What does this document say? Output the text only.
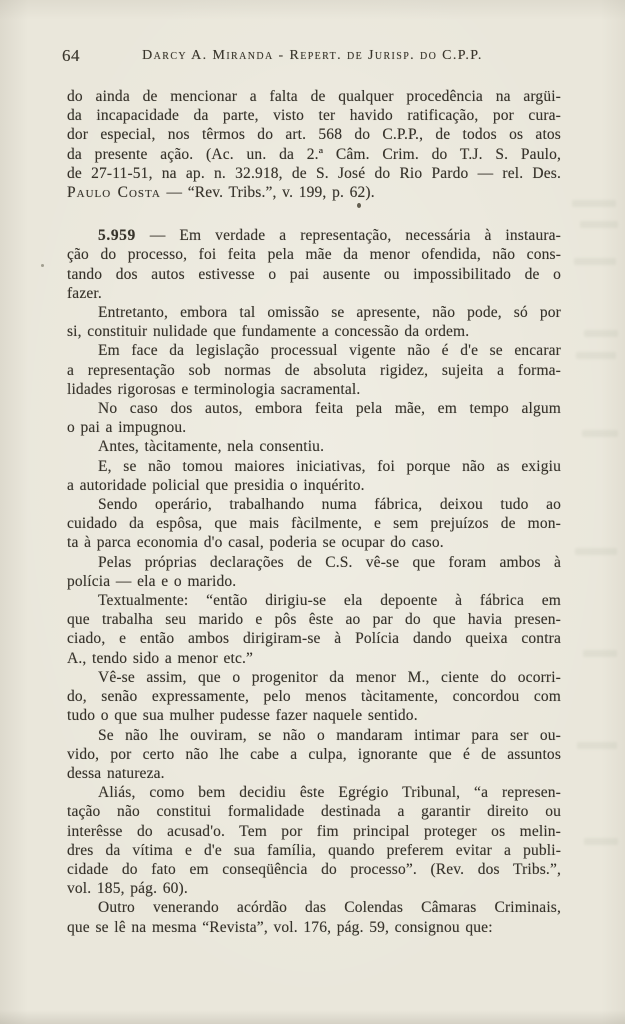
64	Darcy A. Miranda - Repert. de Jurisp. do C.P.P.
do ainda de mencionar a falta de qualquer procedência na argüi-
da incapacidade da parte, visto ter havido ratificação, por cura-
dor especial, nos têrmos do art. 568 do C.P.P., de todos os atos
da presente ação. (Ac. un. da 2.ª Câm. Crim. do T.J. S. Paulo,
de 27-11-51, na ap. n. 32.918, de S. José do Rio Pardo — rel. Des.
Paulo Costa — “Rev. Tribs.”, v. 199, p. 62).
5.959 — Em verdade a representação, necessária à instaura-
ção do processo, foi feita pela mãe da menor ofendida, não cons-
tando dos autos estivesse o pai ausente ou impossibilitado de o
fazer.
Entretanto, embora tal omissão se apresente, não pode, só por
si, constituir nulidade que fundamente a concessão da ordem.
Em face da legislação processual vigente não é d'e se encarar
a representação sob normas de absoluta rigidez, sujeita a forma-
lidades rigorosas e terminologia sacramental.
No caso dos autos, embora feita pela mãe, em tempo algum
o pai a impugnou.
Antes, tàcitamente, nela consentiu.
E, se não tomou maiores iniciativas, foi porque não as exigiu
a autoridade policial que presidia o inquérito.
Sendo operário, trabalhando numa fábrica, deixou tudo ao
cuidado da espôsa, que mais fàcilmente, e sem prejuízos de mon-
ta à parca economia d'o casal, poderia se ocupar do caso.
Pelas próprias declarações de C.S. vê-se que foram ambos à
polícia — ela e o marido.
Textualmente: “então dirigiu-se ela depoente à fábrica em
que trabalha seu marido e pôs êste ao par do que havia presen-
ciado, e então ambos dirigiram-se à Polícia dando queixa contra
A., tendo sido a menor etc.”
Vê-se assim, que o progenitor da menor M., ciente do ocorri-
do, senão expressamente, pelo menos tàcitamente, concordou com
tudo o que sua mulher pudesse fazer naquele sentido.
Se não lhe ouviram, se não o mandaram intimar para ser ou-
vido, por certo não lhe cabe a culpa, ignorante que é de assuntos
dessa natureza.
Aliás, como bem decidiu êste Egrégio Tribunal, “a represen-
tação não constitui formalidade destinada a garantir direito ou
interêsse do acusad'o. Tem por fim principal proteger os melin-
dres da vítima e d'e sua família, quando preferem evitar a publi-
cidade do fato em conseqüência do processo”. (Rev. dos Tribs.”,
vol. 185, pág. 60).
Outro venerando acórdão das Colendas Câmaras Criminais,
que se lê na mesma “Revista”, vol. 176, pág. 59, consignou que:
